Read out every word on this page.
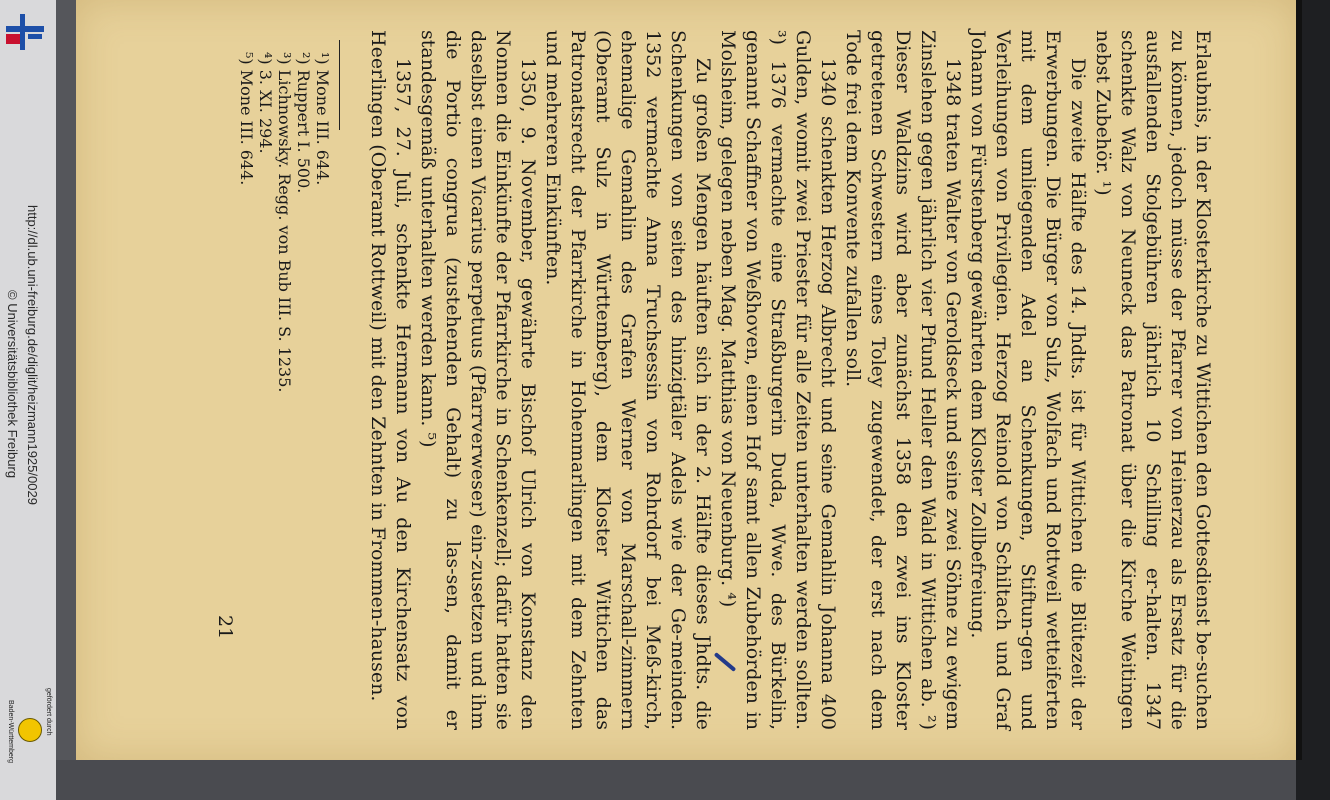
http://dl.ub.uni-freiburg.de/diglit/heizmann1925/0029
© Universitätsbibliothek Freiburg
gefördert durch
Baden-Württemberg

Erlaubnis, in der Klosterkirche zu Wittichen den Gottesdienst be-suchen zu können, jedoch müsse der Pfarrer von Heinerzau als Ersatz für die ausfallenden Stolgebühren jährlich 10 Schilling er-halten. 1347 schenkte Walz von Neuneck das Patronat über die Kirche Weitingen nebst Zubehör. ¹)

Die zweite Hälfte des 14. Jhdts. ist für Wittichen die Blütezeit der Erwerbungen. Die Bürger von Sulz, Wolfach und Rottweil wetteiferten mit dem umliegenden Adel an Schenkungen, Stiftun-gen und Verleihungen von Privilegien. Herzog Reinold von Schiltach und Graf Johann von Fürstenberg gewährten dem Kloster Zollbefreiung.

1348 traten Walter von Geroldseck und seine zwei Söhne zu ewigem Zinslehen gegen jährlich vier Pfund Heller den Wald in Wittichen ab. ²) Dieser Waldzins wird aber zunächst 1358 den zwei ins Kloster getretenen Schwestern eines Toley zugewendet, der erst nach dem Tode frei dem Konvente zufallen soll.

1340 schenkten Herzog Albrecht und seine Gemahlin Johanna 400 Gulden, womit zwei Priester für alle Zeiten unterhalten werden sollten. ³) 1376 vermachte eine Straßburgerin Duda, Wwe. des Bürkelin, genannt Schaffner von Weßhoven, einen Hof samt allen Zubehörden in Molsheim, gelegen neben Mag. Matthias von Neuenburg. ⁴)

Zu großen Mengen häuften sich in der 2. Hälfte dieses Jhdts. die Schenkungen von seiten des hinzigtäler Adels wie der Ge-meinden. 1352 vermachte Anna Truchsessin von Rohrdorf bei Meß-kirch, ehemalige Gemahlin des Grafen Werner von Marschall-zimmern (Oberamt Sulz in Württemberg), dem Kloster Wittichen das Patronatsrecht der Pfarrkirche in Hohenmarlingen mit dem Zehnten und mehreren Einkünften.

1350, 9. November, gewährte Bischof Ulrich von Konstanz den Nonnen die Einkünfte der Pfarrkirche in Schenkenzell; dafür hatten sie daselbst einen Vicarius perpetuus (Pfarrverweser) ein-zusetzen und ihm die Portio congrua (zustehenden Gehalt) zu las-sen, damit er standesgemäß unterhalten werden kann. ⁵)

1357, 27. Juli, schenkte Hermann von Au den Kirchensatz von Heerlingen (Oberamt Rottweil) mit den Zehnten in Frommen-hausen.

¹) Mone III. 644.
²) Ruppert I. 500.
³) Lichnowsky. Regg. von Bub III. S. 1235.
⁴) 3. XI. 294.
⁵) Mone III. 644.
21
